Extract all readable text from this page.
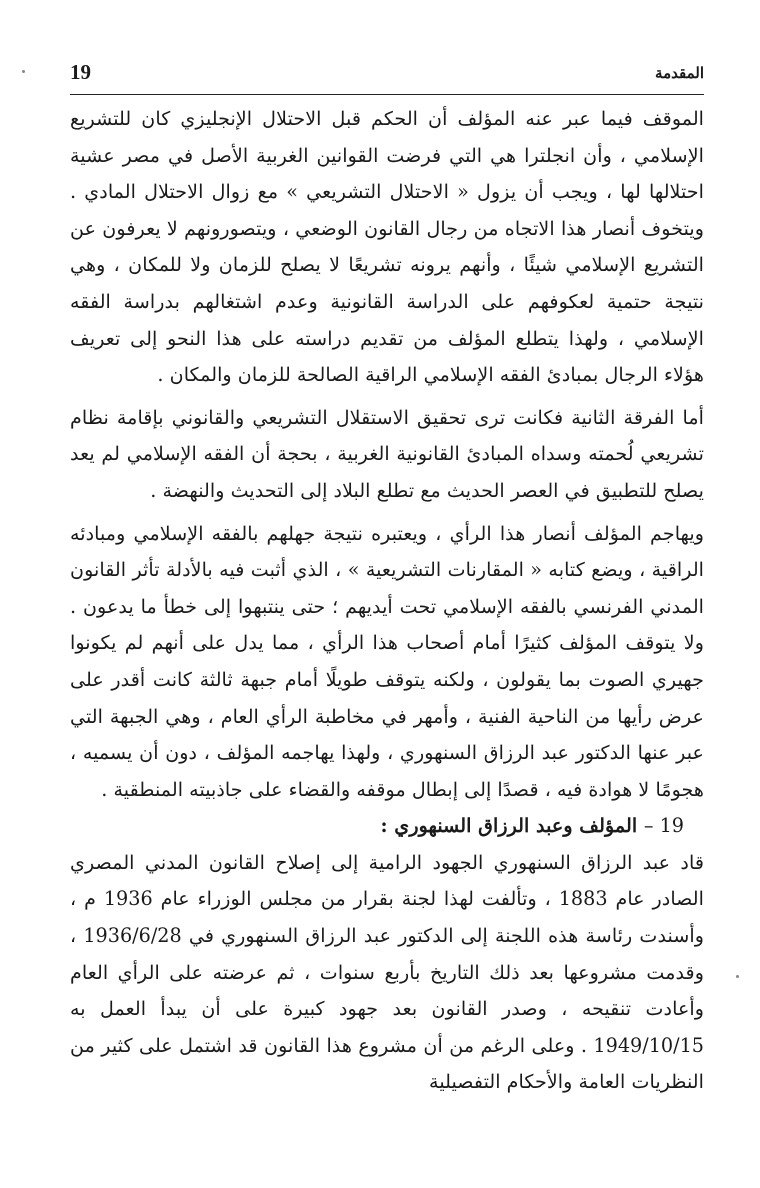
19	المقدمة

الموقف فيما عبر عنه المؤلف أن الحكم قبل الاحتلال الإنجليزي كان للتشريع الإسلامي ، وأن انجلترا هي التي فرضت القوانين الغربية الأصل في مصر عشية احتلالها لها ، ويجب أن يزول « الاحتلال التشريعي » مع زوال الاحتلال المادي . ويتخوف أنصار هذا الاتجاه من رجال القانون الوضعي ، ويتصورونهم لا يعرفون عن التشريع الإسلامي شيئًا ، وأنهم يرونه تشريعًا لا يصلح للزمان ولا للمكان ، وهي نتيجة حتمية لعكوفهم على الدراسة القانونية وعدم اشتغالهم بدراسة الفقه الإسلامي ، ولهذا يتطلع المؤلف من تقديم دراسته على هذا النحو إلى تعريف هؤلاء الرجال بمبادئ الفقه الإسلامي الراقية الصالحة للزمان والمكان .

أما الفرقة الثانية فكانت ترى تحقيق الاستقلال التشريعي والقانوني بإقامة نظام تشريعي لُحمته وسداه المبادئ القانونية الغربية ، بحجة أن الفقه الإسلامي لم يعد يصلح للتطبيق في العصر الحديث مع تطلع البلاد إلى التحديث والنهضة .

ويهاجم المؤلف أنصار هذا الرأي ، ويعتبره نتيجة جهلهم بالفقه الإسلامي ومبادئه الراقية ، ويضع كتابه « المقارنات التشريعية » ، الذي أثبت فيه بالأدلة تأثر القانون المدني الفرنسي بالفقه الإسلامي تحت أيديهم ؛ حتى ينتبهوا إلى خطأ ما يدعون . ولا يتوقف المؤلف كثيرًا أمام أصحاب هذا الرأي ، مما يدل على أنهم لم يكونوا جهيري الصوت بما يقولون ، ولكنه يتوقف طويلًا أمام جبهة ثالثة كانت أقدر على عرض رأيها من الناحية الفنية ، وأمهر في مخاطبة الرأي العام ، وهي الجبهة التي عبر عنها الدكتور عبد الرزاق السنهوري ، ولهذا يهاجمه المؤلف ، دون أن يسميه ، هجومًا لا هوادة فيه ، قصدًا إلى إبطال موقفه والقضاء على جاذبيته المنطقية .

19 – المؤلف وعبد الرزاق السنهوري :

قاد عبد الرزاق السنهوري الجهود الرامية إلى إصلاح القانون المدني المصري الصادر عام 1883 ، وتألفت لهذا لجنة بقرار من مجلس الوزراء عام 1936 م ، وأسندت رئاسة هذه اللجنة إلى الدكتور عبد الرزاق السنهوري في 1936/6/28 ، وقدمت مشروعها بعد ذلك التاريخ بأربع سنوات ، ثم عرضته على الرأي العام وأعادت تنقيحه ، وصدر القانون بعد جهود كبيرة على أن يبدأ العمل به 1949/10/15 . وعلى الرغم من أن مشروع هذا القانون قد اشتمل على كثير من النظريات العامة والأحكام التفصيلية
